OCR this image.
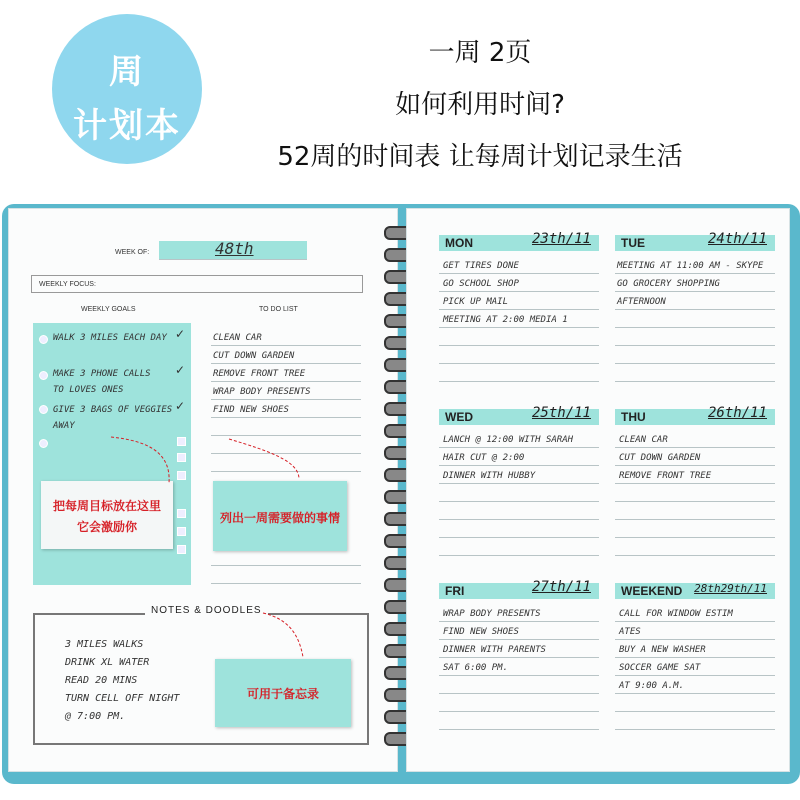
周
计划本
一周 2页
如何利用时间?
52周的时间表 让每周计划记录生活
WEEK OF:	48th
WEEKLY FOCUS:
WEEKLY GOALS	TO DO LIST
WALK 3 MILES EACH DAY
MAKE 3 PHONE CALLS
TO LOVES ONES
GIVE 3 BAGS OF VEGGIES
AWAY
✓
✓
✓
CLEAN CAR
CUT DOWN GARDEN
REMOVE FRONT TREE
WRAP BODY PRESENTS
FIND NEW SHOES
把每周目标放在这里
它会激励你
列出一周需要做的事情
NOTES & DOODLES
3 MILES WALKS
DRINK XL WATER
READ 20 MINS
TURN CELL OFF NIGHT
@ 7:00 PM.
可用于备忘录
MON	23th/11
GET TIRES DONE
GO SCHOOL SHOP
PICK UP MAIL
MEETING AT 2:00 MEDIA 1
TUE	24th/11
MEETING AT 11:00 AM - SKYPE
GO GROCERY SHOPPING
AFTERNOON
WED	25th/11
LANCH @ 12:00 WITH SARAH
HAIR CUT @ 2:00
DINNER WITH HUBBY
THU	26th/11
CLEAN CAR
CUT DOWN GARDEN
REMOVE FRONT TREE
FRI	27th/11
WRAP BODY PRESENTS
FIND NEW SHOES
DINNER WITH PARENTS
SAT 6:00 PM.
WEEKEND 28th29th/11
CALL FOR WINDOW ESTIM
ATES
BUY A NEW WASHER
SOCCER GAME SAT
AT 9:00 A.M.
